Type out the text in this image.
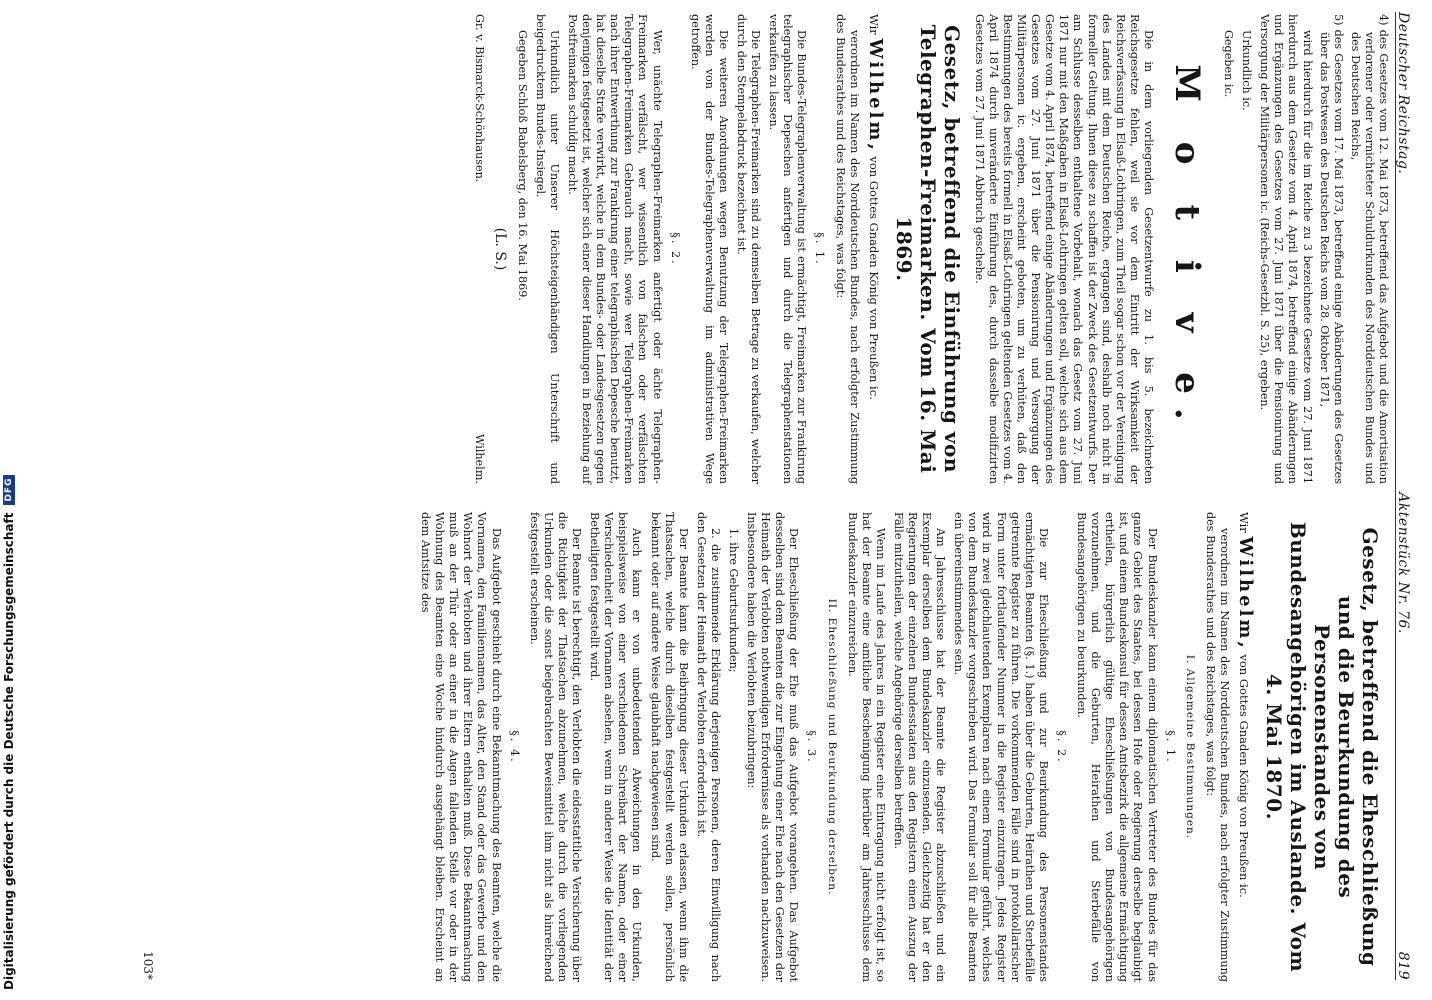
Digitalisierung gefördert durch die Deutsche Forschungsgemeinschaft
DFG
Deutscher Reichstag.
Aktenstück Nr. 76.
819
4) des Gesetzes vom 12. Mai 1873, betreffend das Aufgebot und die Amortisation verlorener oder vernichteter Schuldurkunden des Norddeutschen Bundes und des Deutschen Reichs,
5) des Gesetzes vom 17. Mai 1873, betreffend einige Abänderungen des Gesetzes über das Postwesen des Deutschen Reichs vom 28. Oktober 1871,

wird hierdurch für die im Reiche zu 3 bezeichnete Gesetze vom 27. Juni 1871 hierdurch aus dem Gesetze vom 4. April 1874, betreffend einige Abänderungen und Ergänzungen des Gesetzes vom 27. Juni 1871 über die Pensionirung und Versorgung der Militärpersonen ic. (Reichs-Gesetzbl. S. 25), ergeben.

Urkundlich ic.

Gegeben ic.

M o t i v e.

Die in dem vorliegenden Gesetzentwurfe zu 1. bis 5. bezeichneten Reichsgesetze fehlen, weil sie vor dem Eintritt der Wirksamkeit der Reichsverfassung in Elsaß-Lothringen, zum Theil sogar schon vor der Vereinigung des Landes mit dem Deutschen Reiche, ergangen sind, deshalb noch nicht in formeller Geltung. Ihnen diese zu schaffen ist der Zweck des Gesetzentwurfs. Der am Schlusse desselben enthaltene Vorbehalt, wonach das Gesetz vom 27. Juni 1871 nur mit den Maßgaben in Elsaß-Lothringen gelten soll, welche sich aus dem Gesetze vom 4. April 1874, betreffend einige Abänderungen und Ergänzungen des Gesetzes vom 27. Juni 1871 über die Pensionirung und Versorgung der Militärpersonen ic. ergeben, erscheint geboten, um zu verhüten, daß den Bestimmungen des bereits formell in Elsaß-Lothringen geltenden Gesetzes vom 4. April 1874 durch unveränderte Einführung des, durch dasselbe modifizirten Gesetzes vom 27. Juni 1871 Abbruch geschehe.

Gesetz, betreffend die Einführung von Telegraphen-Freimarken. Vom 16. Mai 1869.
Wir Wilhelm, von Gottes Gnaden König von Preußen ic.

verordnen im Namen des Norddeutschen Bundes, nach erfolgter Zustimmung des Bundesrathes und des Reichstages, was folgt:

§. 1.

Die Bundes-Telegraphenverwaltung ist ermächtigt, Freimarken zur Frankirung telegraphischer Depeschen anfertigen und durch die Telegraphenstationen verkaufen zu lassen.

Die Telegraphen-Freimarken sind zu demselben Betrage zu verkaufen, welcher durch den Stempelabdruck bezeichnet ist.

Die weiteren Anordnungen wegen Benutzung der Telegraphen-Freimarken werden von der Bundes-Telegraphenverwaltung im administrativen Wege getroffen.

§. 2.

Wer, unächte Telegraphen-Freimarken anfertigt oder ächte Telegraphen-Freimarken verfälscht, wer wissentlich von falschen oder verfälschten Telegraphen-Freimarken Gebrauch macht, sowie wer Telegraphen-Freimarken nach ihrer Entwerthung zur Frankirung einer telegraphischen Depesche benutzt, hat dieselbe Strafe verwirkt, welche in dem Bundes- oder Landesgesetzen gegen denjenigen festgesetzt ist, welcher sich einer dieser Handlungen in Beziehung auf Postfreimarken schuldig macht.

Urkundlich unter Unserer Höchsteigenhändigen Unterschrift und beigedrucktem Bundes-Insiegel.

Gegeben Schloß Babelsberg, den 16. Mai 1869.

(L. S.)
Gr. v. Bismarck-Schönhausen.
Wilhelm.
Gesetz, betreffend die Eheschließung und die Beurkundung des Personenstandes von Bundesangehörigen im Auslande. Vom 4. Mai 1870.
Wir Wilhelm, von Gottes Gnaden König von Preußen ic.

verordnen im Namen des Norddeutschen Bundes, nach erfolgter Zustimmung des Bundesrathes und des Reichstages, was folgt:

I. Allgemeine Bestimmungen.
§. 1.

Der Bundeskanzler kann einem diplomatischen Vertreter des Bundes für das ganze Gebiet des Staates, bei dessen Hofe oder Regierung derselbe beglaubigt ist, und einem Bundeskonsul für dessen Amtsbezirk die allgemeine Ermächtigung ertheilen, bürgerlich gültige Eheschließungen von Bundesangehörigen vorzunehmen, und die Geburten, Heirathen und Sterbefälle von Bundesangehörigen zu beurkunden.

§. 2.

Die zur Eheschließung und zur Beurkundung des Personenstandes ermächtigten Beamten (§. 1.) haben über die Geburten, Heirathen und Sterbefälle getrennte Register zu führen. Die vorkommenden Fälle sind in protokollarischer Form unter fortlaufender Nummer in die Register einzutragen. Jedes Register wird in zwei gleichlautenden Exemplaren nach einem Formular geführt, welches von dem Bundeskanzler vorgeschrieben wird. Das Formular soll für alle Beamten ein übereinstimmendes sein.

Am Jahresschlusse hat der Beamte die Register abzuschließen und ein Exemplar derselben dem Bundeskanzler einzusenden. Gleichzeitig hat er den Regierungen der einzelnen Bundesstaaten aus den Registern einen Auszug der Fälle mitzutheilen, welche Angehörige derselben betreffen.

Wenn im Laufe des Jahres in ein Register eine Eintragung nicht erfolgt ist, so hat der Beamte eine amtliche Bescheinigung hierüber am Jahresschlusse dem Bundeskanzler einzureichen.

II. Eheschließung und Beurkundung derselben.
§. 3.

Der Eheschließung der Ehe muß das Aufgebot vorangehen. Das Aufgebot desselben sind dem Beamten die zur Eingehung einer Ehe nach den Gesetzen der Heimath der Verlobten nothwendigen Erfordernisse als vorhanden nachzuweisen. Insbesondere haben die Verlobten beizubringen:

1. ihre Geburtsurkunden;

2. die zustimmende Erklärung derjenigen Personen, deren Einwilligung nach den Gesetzen der Heimath der Verlobten erforderlich ist.

Der Beamte kann die Beibringung dieser Urkunden erlassen, wenn ihm die Thatsachen, welche durch dieselben festgestellt werden sollen, persönlich bekannt oder auf andere Weise glaubhaft nachgewiesen sind.

Auch kann er von unbedeutenden Abweichungen in den Urkunden, beispielsweise von einer verschiedenen Schreibart der Namen, oder einer Verschiedenheit der Vornamen absehen, wenn in anderer Weise die Identität der Betheiligten festgestellt wird.

Der Beamte ist berechtigt, den Verlobten die eidesstattliche Versicherung über die Richtigkeit der Thatsachen abzunehmen, welche durch die vorliegenden Urkunden oder die sonst beigebrachten Beweismittel ihm nicht als hinreichend festgestellt erscheinen.

§. 4.

Das Aufgebot geschieht durch eine Bekanntmachung des Beamten, welche die Vornamen, den Familiennamen, das Alter, den Stand oder das Gewerbe und den Wohnort der Verlobten und ihrer Eltern enthalten muß. Diese Bekanntmachung muß an der Thür oder an einer in die Augen fallenden Stelle vor oder in der Wohnung des Beamten eine Woche hindurch ausgehängt bleiben. Erscheint an dem Amtsitze des

103*
